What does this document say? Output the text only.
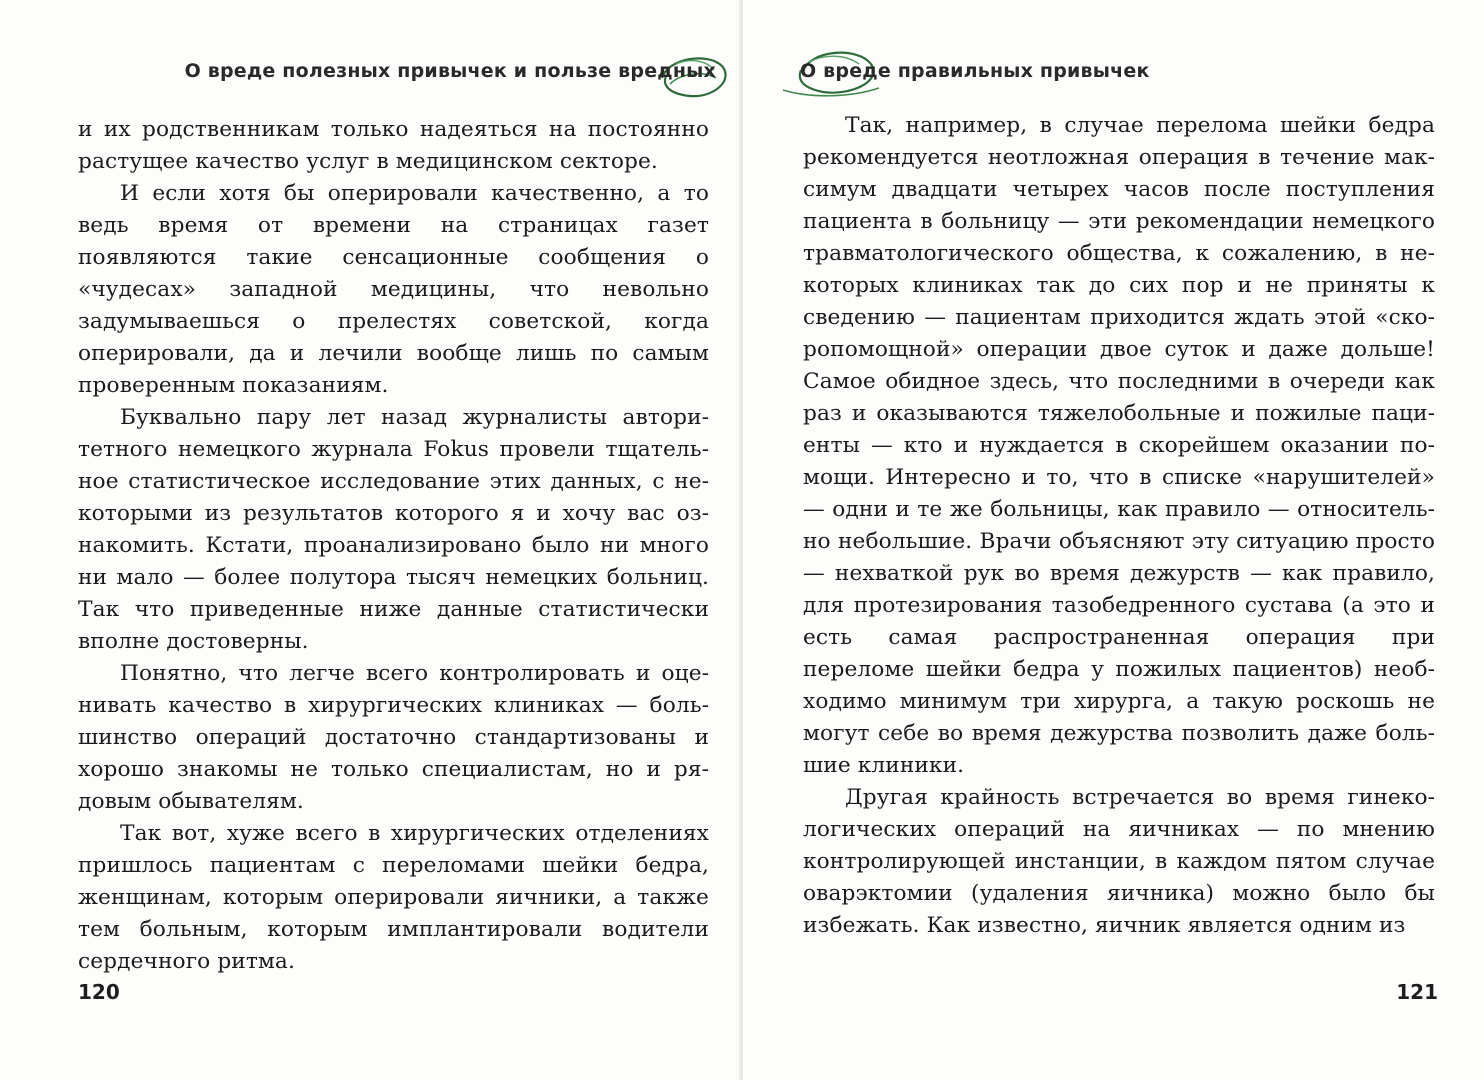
О вреде полезных привычек и пользе вредных

и их родственникам только надеяться на постоянно растущее качество услуг в медицинском секторе.

И если хотя бы оперировали качественно, а то ведь время от времени на страницах газет появляются такие сенсационные сообщения о «чудесах» западной медицины, что невольно задумываешься о прелестях советской, когда оперировали, да и лечили вообще лишь по самым проверенным показаниям.

Буквально пару лет назад журналисты авторитетного немецкого журнала Fokus провели тщательное статистическое исследование этих данных, с некоторыми из результатов которого я и хочу вас ознакомить. Кстати, проанализировано было ни много ни мало — более полутора тысяч немецких больниц. Так что приведенные ниже данные статистически вполне достоверны.

Понятно, что легче всего контролировать и оценивать качество в хирургических клиниках — большинство операций достаточно стандартизованы и хорошо знакомы не только специалистам, но и рядовым обывателям.

Так вот, хуже всего в хирургических отделениях пришлось пациентам с переломами шейки бедра, женщинам, которым оперировали яичники, а также тем больным, которым имплантировали водители сердечного ритма.

120
О вреде правильных привычек

Так, например, в случае перелома шейки бедра рекомендуется неотложная операция в течение максимум двадцати четырех часов после поступления пациента в больницу — эти рекомендации немецкого травматологического общества, к сожалению, в некоторых клиниках так до сих пор и не приняты к сведению — пациентам приходится ждать этой «скоропомощной» операции двое суток и даже дольше! Самое обидное здесь, что последними в очереди как раз и оказываются тяжелобольные и пожилые пациенты — кто и нуждается в скорейшем оказании помощи. Интересно и то, что в списке «нарушителей» — одни и те же больницы, как правило — относительно небольшие. Врачи объясняют эту ситуацию просто — нехваткой рук во время дежурств — как правило, для протезирования тазобедренного сустава (а это и есть самая распространенная операция при переломе шейки бедра у пожилых пациентов) необходимо минимум три хирурга, а такую роскошь не могут себе во время дежурства позволить даже большие клиники.

Другая крайность встречается во время гинекологических операций на яичниках — по мнению контролирующей инстанции, в каждом пятом случае оварэктомии (удаления яичника) можно было бы избежать. Как известно, яичник является одним из

121
